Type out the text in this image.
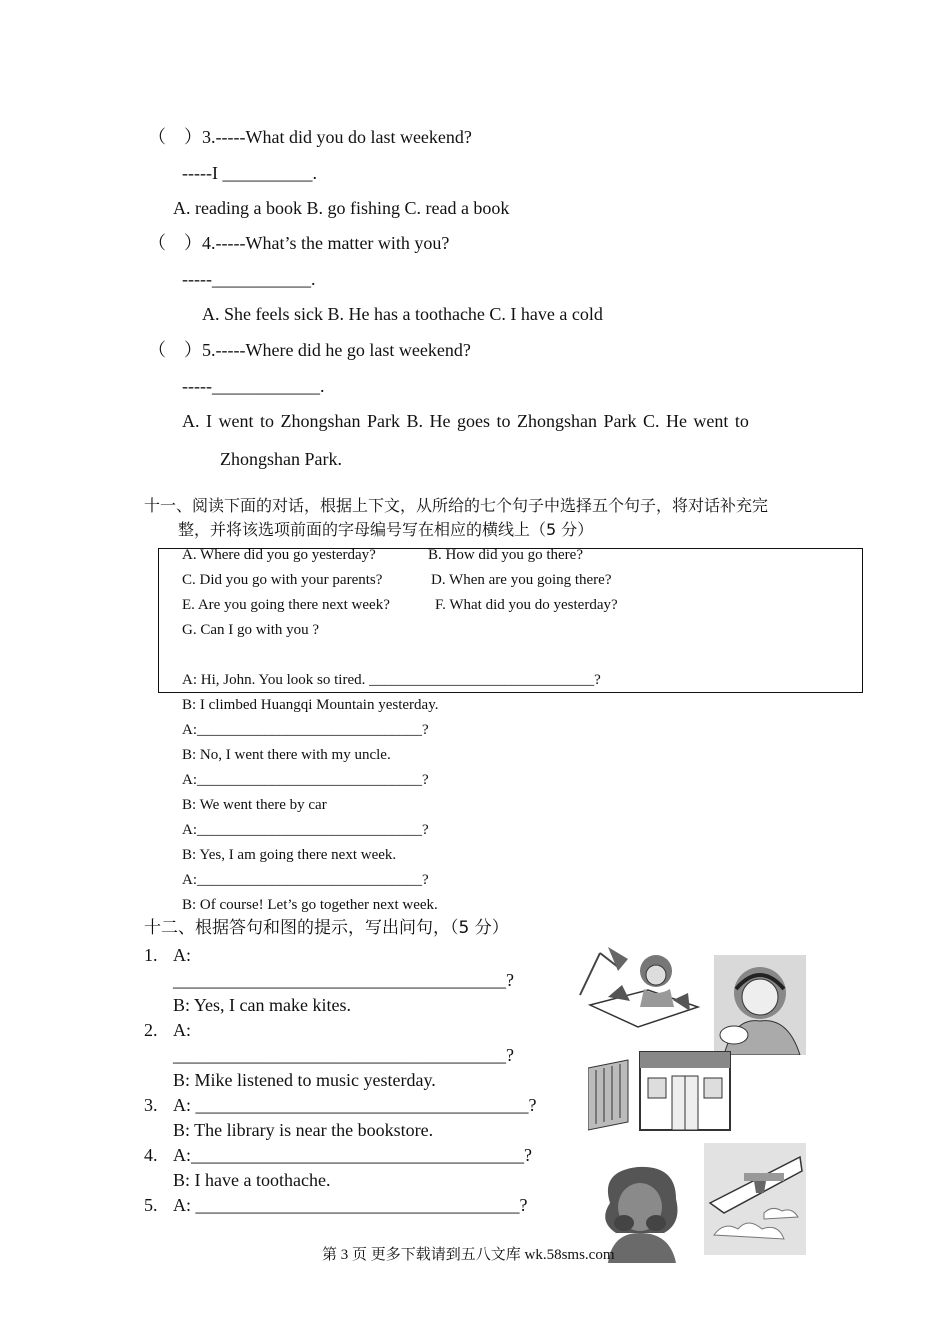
（　）3.-----What did you do last weekend?
-----I __________.
A. reading a book B. go fishing C. read a book
（　）4.-----What’s the matter with you?
-----___________.
A. She feels sick B. He has a toothache C. I have a cold
（　）5.-----Where did he go last weekend?
-----____________.
A. I went to Zhongshan Park B. He goes to Zhongshan Park C. He went to
Zhongshan Park.
十一、阅读下面的对话，根据上下文，从所给的七个句子中选择五个句子，将对话补充完
整，并将该选项前面的字母编号写在相应的横线上（5 分）
A. Where did you go yesterday?	B. How did you go there?
C. Did you go with your parents?	D. When are you going there?
E. Are you going there next week?	F. What did you do yesterday?
G. Can I go with you ?
A: Hi, John. You look so tired. ______________________________?
B: I climbed Huangqi Mountain yesterday.
A:______________________________?
B: No, I went there with my uncle.
A:______________________________?
B: We went there by car
A:______________________________?
B: Yes, I am going there next week.
A:______________________________?
B: Of course! Let’s go together next week.
十二、根据答句和图的提示，写出问句，（5 分）
1. A:
_____________________________________?
B: Yes, I can make kites.
2. A:
_____________________________________?
B: Mike listened to music yesterday.
3. A: _____________________________________?
B: The library is near the bookstore.
4. A:_____________________________________?
B: I have a toothache.
5. A: ____________________________________?
第 3 页 更多下载请到五八文库 wk.58sms.com
